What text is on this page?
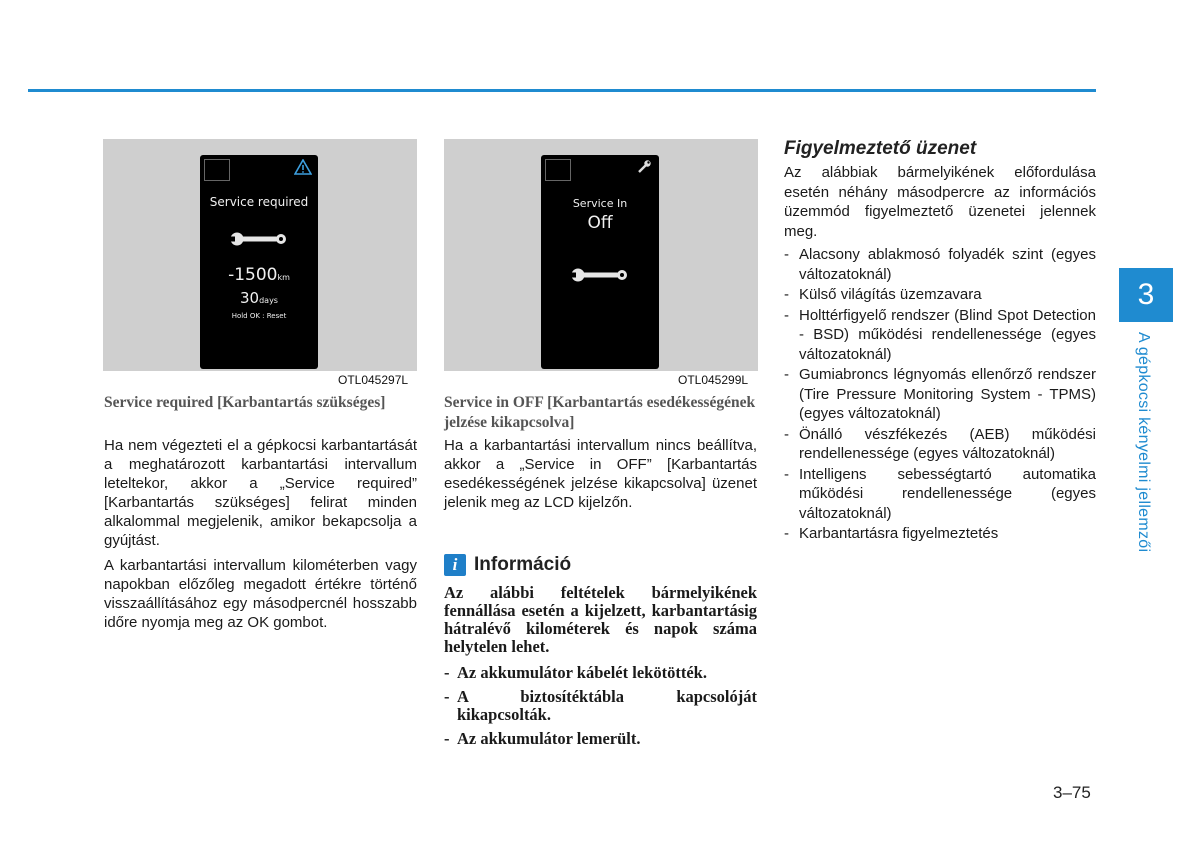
Service required
-1500km
30days
Hold OK : Reset
OTL045297L
Service In
Off
OTL045299L
Service required [Karbantartás szükséges]

Ha nem végezteti el a gépkocsi karbantartását a meghatározott karbantartási intervallum leteltekor, akkor a „Service required” [Karbantartás szükséges] felirat minden alkalommal megjelenik, amikor bekapcsolja a gyújtást.

A karbantartási intervallum kilométerben vagy napokban előzőleg megadott értékre történő visszaállításához egy másodpercnél hosszabb időre nyomja meg az OK gombot.

Service in OFF [Karbantartás esedékességének jelzése kikapcsolva]

Ha a karbantartási intervallum nincs beállítva, akkor a „Service in OFF” [Karbantartás esedékességének jelzése kikapcsolva] üzenet jelenik meg az LCD kijelzőn.

i Információ

Az alábbi feltételek bármelyikének fennállása esetén a kijelzett, karbantartásig hátralévő kilométerek és napok száma helytelen lehet.

- Az akkumulátor kábelét lekötötték.
- A biztosítéktábla kapcsolóját kikapcsolták.
- Az akkumulátor lemerült.
Figyelmeztető üzenet

Az alábbiak bármelyikének előfordulása esetén néhány másodpercre az információs üzemmód figyelmeztető üzenetei jelennek meg.

- Alacsony ablakmosó folyadék szint (egyes változatoknál)
- Külső világítás üzemzavara
- Holttérfigyelő rendszer (Blind Spot Detection - BSD) működési rendellenessége (egyes változatoknál)
- Gumiabroncs légnyomás ellenőrző rendszer (Tire Pressure Monitoring System - TPMS) (egyes változatoknál)
- Önálló vészfékezés (AEB) működési rendellenessége (egyes változatoknál)
- Intelligens sebességtartó automatika működési rendellenessége (egyes változatoknál)
- Karbantartásra figyelmeztetés
3
A gépkocsi kényelmi jellemzői
3–75
